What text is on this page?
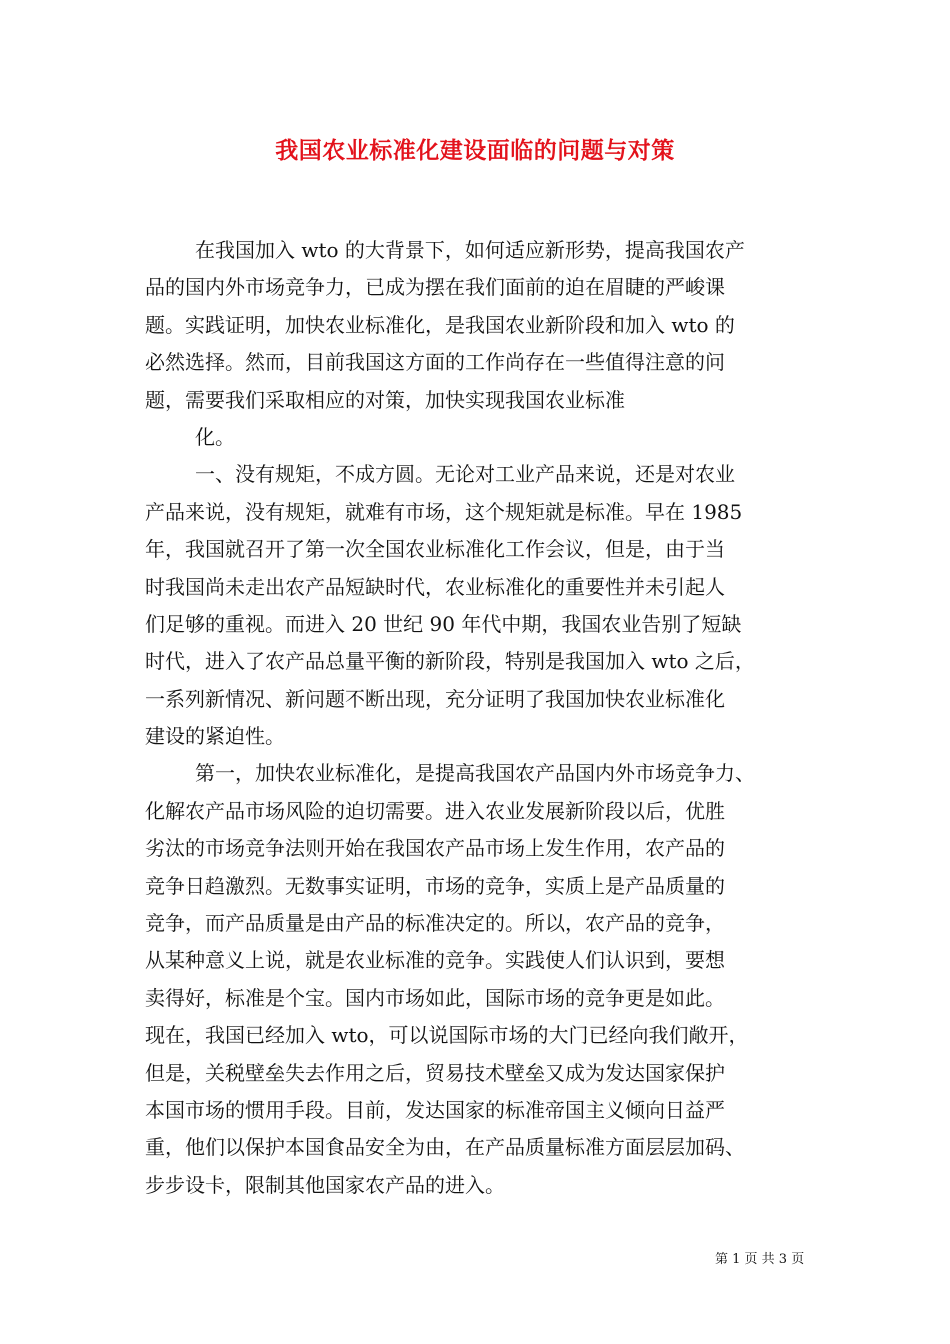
我国农业标准化建设面临的问题与对策
在我国加入 wto 的大背景下，如何适应新形势，提高我国农产
品的国内外市场竞争力，已成为摆在我们面前的迫在眉睫的严峻课
题。实践证明，加快农业标准化，是我国农业新阶段和加入 wto 的
必然选择。然而，目前我国这方面的工作尚存在一些值得注意的问
题，需要我们采取相应的对策，加快实现我国农业标准
化。
一、没有规矩，不成方圆。无论对工业产品来说，还是对农业
产品来说，没有规矩，就难有市场，这个规矩就是标准。早在 1985
年，我国就召开了第一次全国农业标准化工作会议，但是，由于当
时我国尚未走出农产品短缺时代，农业标准化的重要性并未引起人
们足够的重视。而进入 20 世纪 90 年代中期，我国农业告别了短缺
时代，进入了农产品总量平衡的新阶段，特别是我国加入 wto 之后，
一系列新情况、新问题不断出现，充分证明了我国加快农业标准化
建设的紧迫性。
第一，加快农业标准化，是提高我国农产品国内外市场竞争力、
化解农产品市场风险的迫切需要。进入农业发展新阶段以后，优胜
劣汰的市场竞争法则开始在我国农产品市场上发生作用，农产品的
竞争日趋激烈。无数事实证明，市场的竞争，实质上是产品质量的
竞争，而产品质量是由产品的标准决定的。所以，农产品的竞争，
从某种意义上说，就是农业标准的竞争。实践使人们认识到，要想
卖得好，标准是个宝。国内市场如此，国际市场的竞争更是如此。
现在，我国已经加入 wto，可以说国际市场的大门已经向我们敞开，
但是，关税壁垒失去作用之后，贸易技术壁垒又成为发达国家保护
本国市场的惯用手段。目前，发达国家的标准帝国主义倾向日益严
重，他们以保护本国食品安全为由，在产品质量标准方面层层加码、
步步设卡，限制其他国家农产品的进入。
第 1 页 共 3 页
